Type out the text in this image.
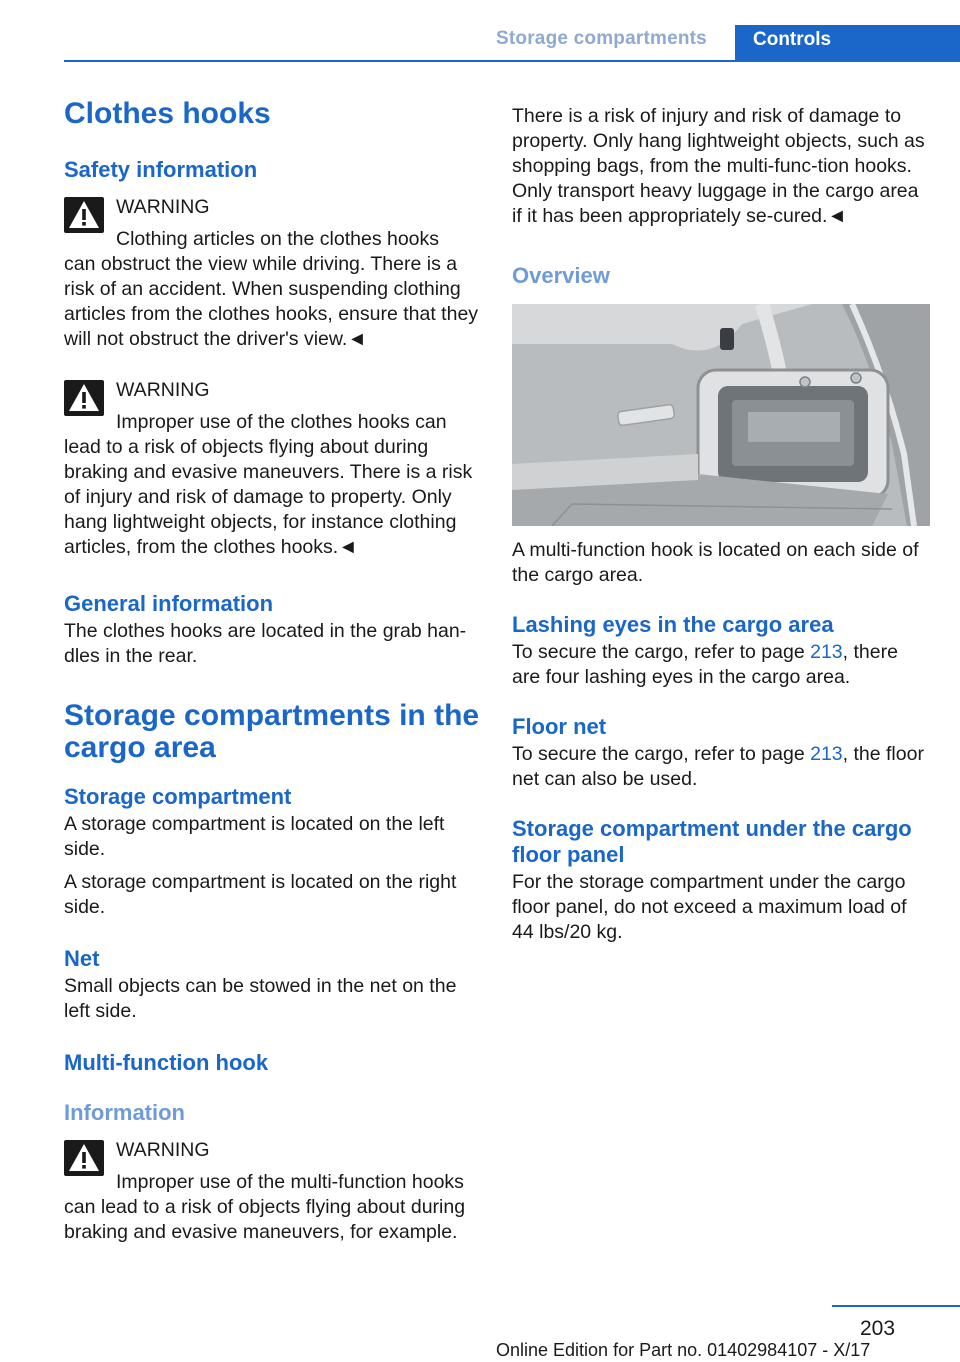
Storage compartments	Controls
Clothes hooks
Safety information
WARNING
Clothing articles on the clothes hooks
can obstruct the view while driving. There is a risk of an accident. When suspending clothing articles from the clothes hooks, ensure that they will not obstruct the driver's view.◄
WARNING
Improper use of the clothes hooks can
lead to a risk of objects flying about during braking and evasive maneuvers. There is a risk of injury and risk of damage to property. Only hang lightweight objects, for instance clothing articles, from the clothes hooks.◄
General information
The clothes hooks are located in the grab han-dles in the rear.
Storage compartments in the cargo area
Storage compartment
A storage compartment is located on the left side.
A storage compartment is located on the right side.
Net
Small objects can be stowed in the net on the left side.
Multi-function hook
Information
WARNING
Improper use of the multi-function hooks
can lead to a risk of objects flying about during braking and evasive maneuvers, for example.
There is a risk of injury and risk of damage to property. Only hang lightweight objects, such as shopping bags, from the multi-func-tion hooks. Only transport heavy luggage in the cargo area if it has been appropriately se-cured.◄
Overview
A multi-function hook is located on each side of the cargo area.
Lashing eyes in the cargo area
To secure the cargo, refer to page 213, there are four lashing eyes in the cargo area.
Floor net
To secure the cargo, refer to page 213, the floor net can also be used.
Storage compartment under the cargo floor panel
For the storage compartment under the cargo floor panel, do not exceed a maximum load of 44 lbs/20 kg.
203
Online Edition for Part no. 01402984107 - X/17
